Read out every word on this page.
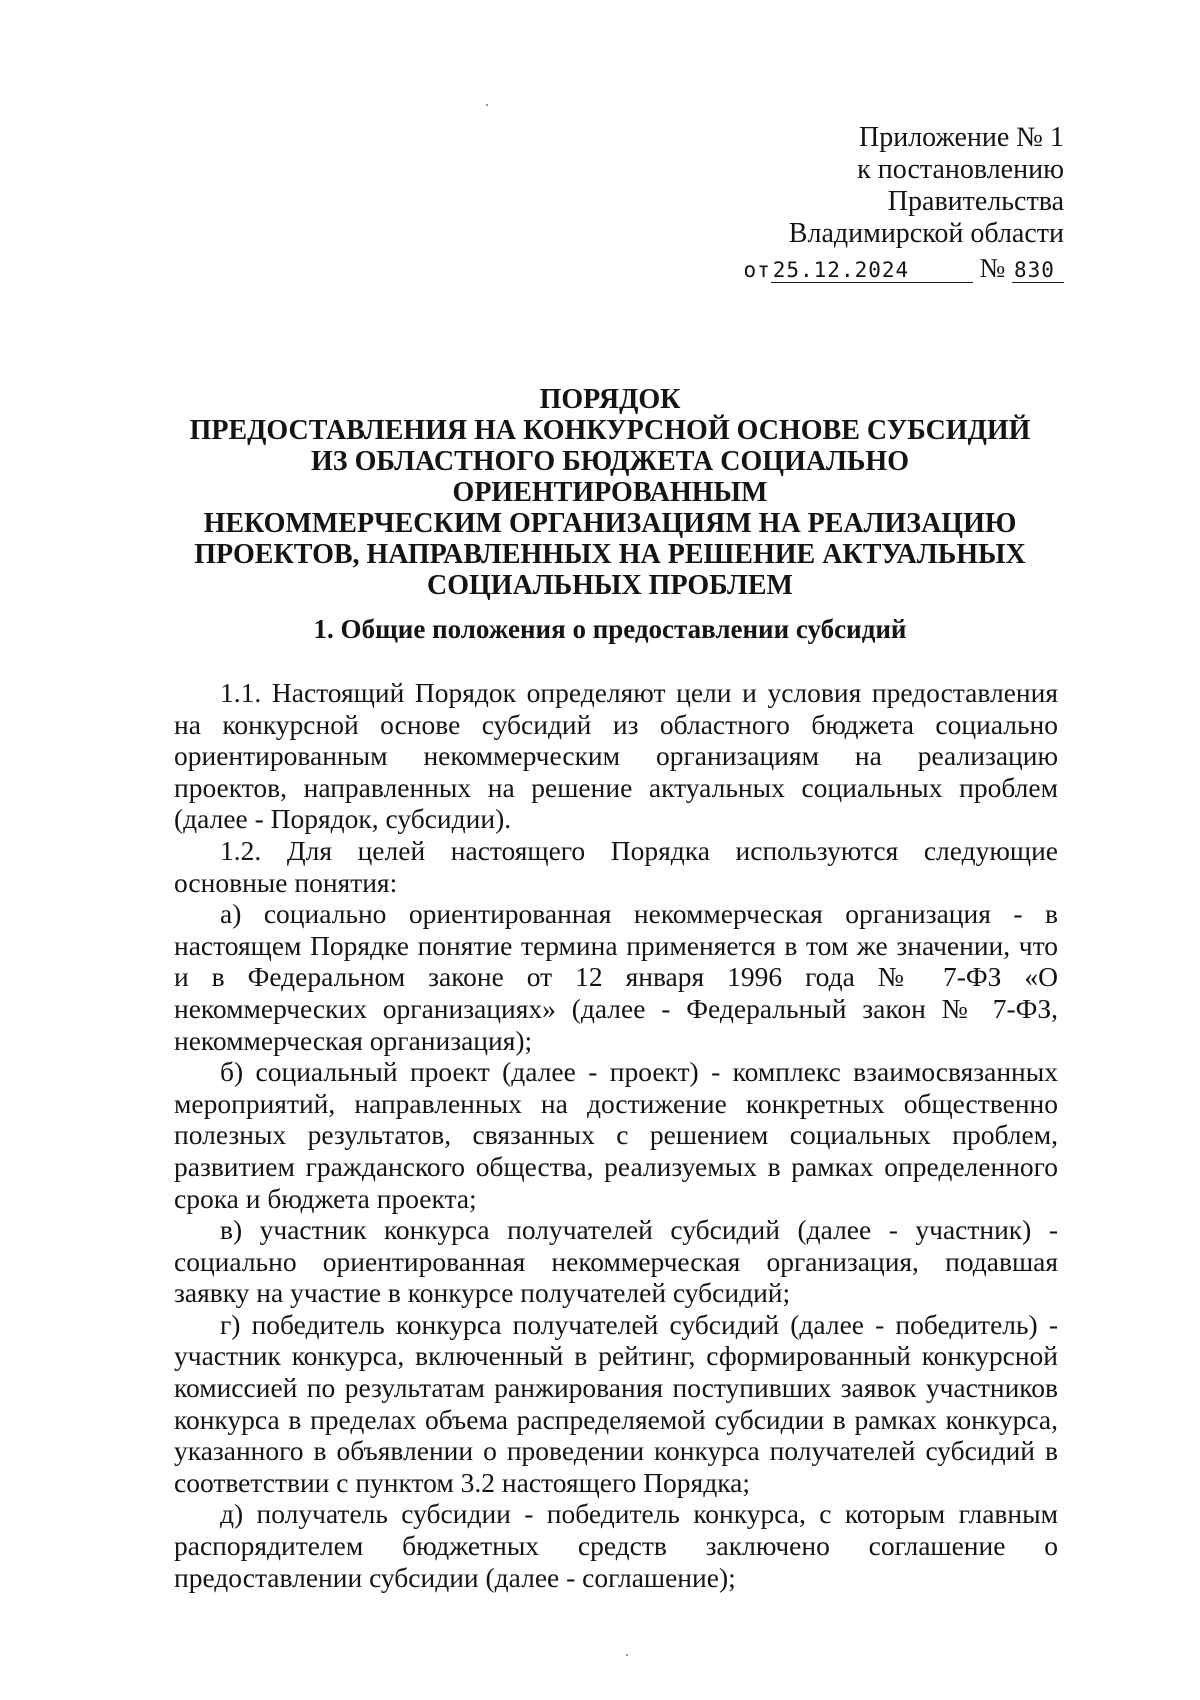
Приложение № 1
к постановлению
Правительства
Владимирской области
от25.12.2024	№ 830
ПОРЯДОК
ПРЕДОСТАВЛЕНИЯ НА КОНКУРСНОЙ ОСНОВЕ СУБСИДИЙ
ИЗ ОБЛАСТНОГО БЮДЖЕТА СОЦИАЛЬНО ОРИЕНТИРОВАННЫМ
НЕКОММЕРЧЕСКИМ ОРГАНИЗАЦИЯМ НА РЕАЛИЗАЦИЮ
ПРОЕКТОВ, НАПРАВЛЕННЫХ НА РЕШЕНИЕ АКТУАЛЬНЫХ
СОЦИАЛЬНЫХ ПРОБЛЕМ
1. Общие положения о предоставлении субсидий

1.1. Настоящий Порядок определяют цели и условия предоставления на конкурсной основе субсидий из областного бюджета социально ориентированным некоммерческим организациям на реализацию проектов, направленных на решение актуальных социальных проблем (далее - Порядок, субсидии).

1.2. Для целей настоящего Порядка используются следующие основные понятия:

а) социально ориентированная некоммерческая организация - в настоящем Порядке понятие термина применяется в том же значении, что и в Федеральном законе от 12 января 1996 года № 7-ФЗ «О некоммерческих организациях» (далее - Федеральный закон № 7-ФЗ, некоммерческая организация);

б) социальный проект (далее - проект) - комплекс взаимосвязанных мероприятий, направленных на достижение конкретных общественно полезных результатов, связанных с решением социальных проблем, развитием гражданского общества, реализуемых в рамках определенного срока и бюджета проекта;

в) участник конкурса получателей субсидий (далее - участник) - социально ориентированная некоммерческая организация, подавшая заявку на участие в конкурсе получателей субсидий;

г) победитель конкурса получателей субсидий (далее - победитель) - участник конкурса, включенный в рейтинг, сформированный конкурсной комиссией по результатам ранжирования поступивших заявок участников конкурса в пределах объема распределяемой субсидии в рамках конкурса, указанного в объявлении о проведении конкурса получателей субсидий в соответствии с пунктом 3.2 настоящего Порядка;

д) получатель субсидии - победитель конкурса, с которым главным распорядителем бюджетных средств заключено соглашение о предоставлении субсидии (далее - соглашение);
